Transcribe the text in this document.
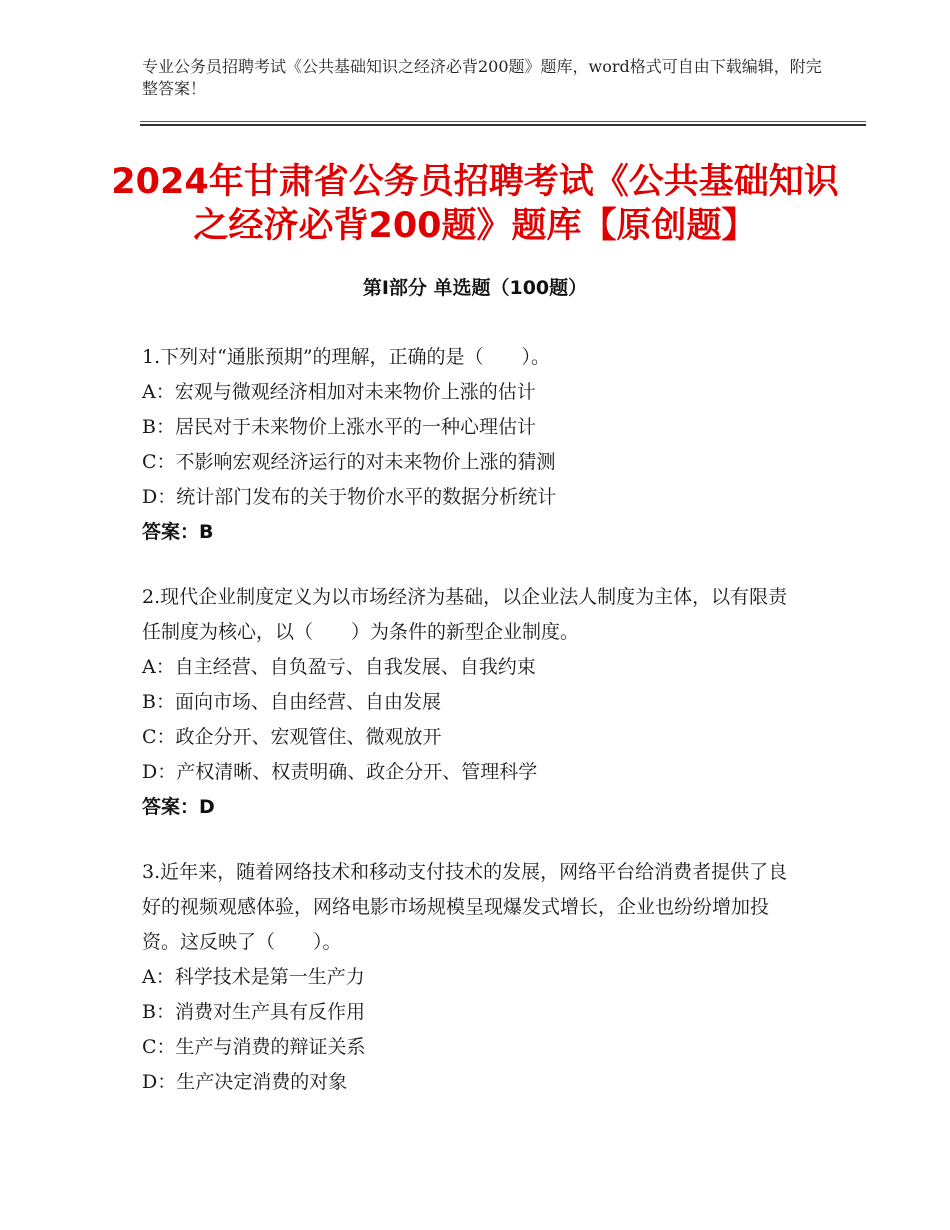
专业公务员招聘考试《公共基础知识之经济必背200题》题库，word格式可自由下载编辑，附完整答案！
2024年甘肃省公务员招聘考试《公共基础知识之经济必背200题》题库【原创题】
第Ⅰ部分 单选题（100题）

1.下列对“通胀预期”的理解，正确的是（　　）。

A：宏观与微观经济相加对未来物价上涨的估计

B：居民对于未来物价上涨水平的一种心理估计

C：不影响宏观经济运行的对未来物价上涨的猜测

D：统计部门发布的关于物价水平的数据分析统计

答案：B

2.现代企业制度定义为以市场经济为基础，以企业法人制度为主体，以有限责任制度为核心，以（　　）为条件的新型企业制度。

A：自主经营、自负盈亏、自我发展、自我约束

B：面向市场、自由经营、自由发展

C：政企分开、宏观管住、微观放开

D：产权清晰、权责明确、政企分开、管理科学

答案：D

3.近年来，随着网络技术和移动支付技术的发展，网络平台给消费者提供了良好的视频观感体验，网络电影市场规模呈现爆发式增长，企业也纷纷增加投资。这反映了（　　）。

A：科学技术是第一生产力

B：消费对生产具有反作用

C：生产与消费的辩证关系

D：生产决定消费的对象
